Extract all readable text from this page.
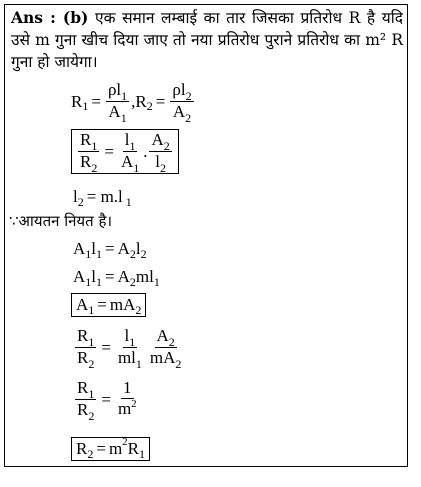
Ans : (b) एक समान लम्बाई का तार जिसका प्रतिरोध R है यदि उसे m गुना खीच दिया जाए तो नया प्रतिरोध पुराने प्रतिरोध का m² R गुना हो जायेगा।
R $1 = \frac{\rho l_1}{A_1}$ , R $2 = \frac{\rho l_2}{A_2}$
$\frac{R_1}{R_2} = \frac{l_1}{A_1}$ . $\frac{A_2}{l_2}$
l 2 = m.l 1
∵आयतन नियत है।
A 1 l 1 = A 2 l 2
A 1 l 1 = A 2 ml 1
A 1 = mA 2
$\frac{R_1}{R_2} = \frac{l_1}{ml_1} \frac{A_2}{mA_2}$
$\frac{R_1}{R_2} = \frac{1}{m^2}$
R 2 = m 2 R 1
